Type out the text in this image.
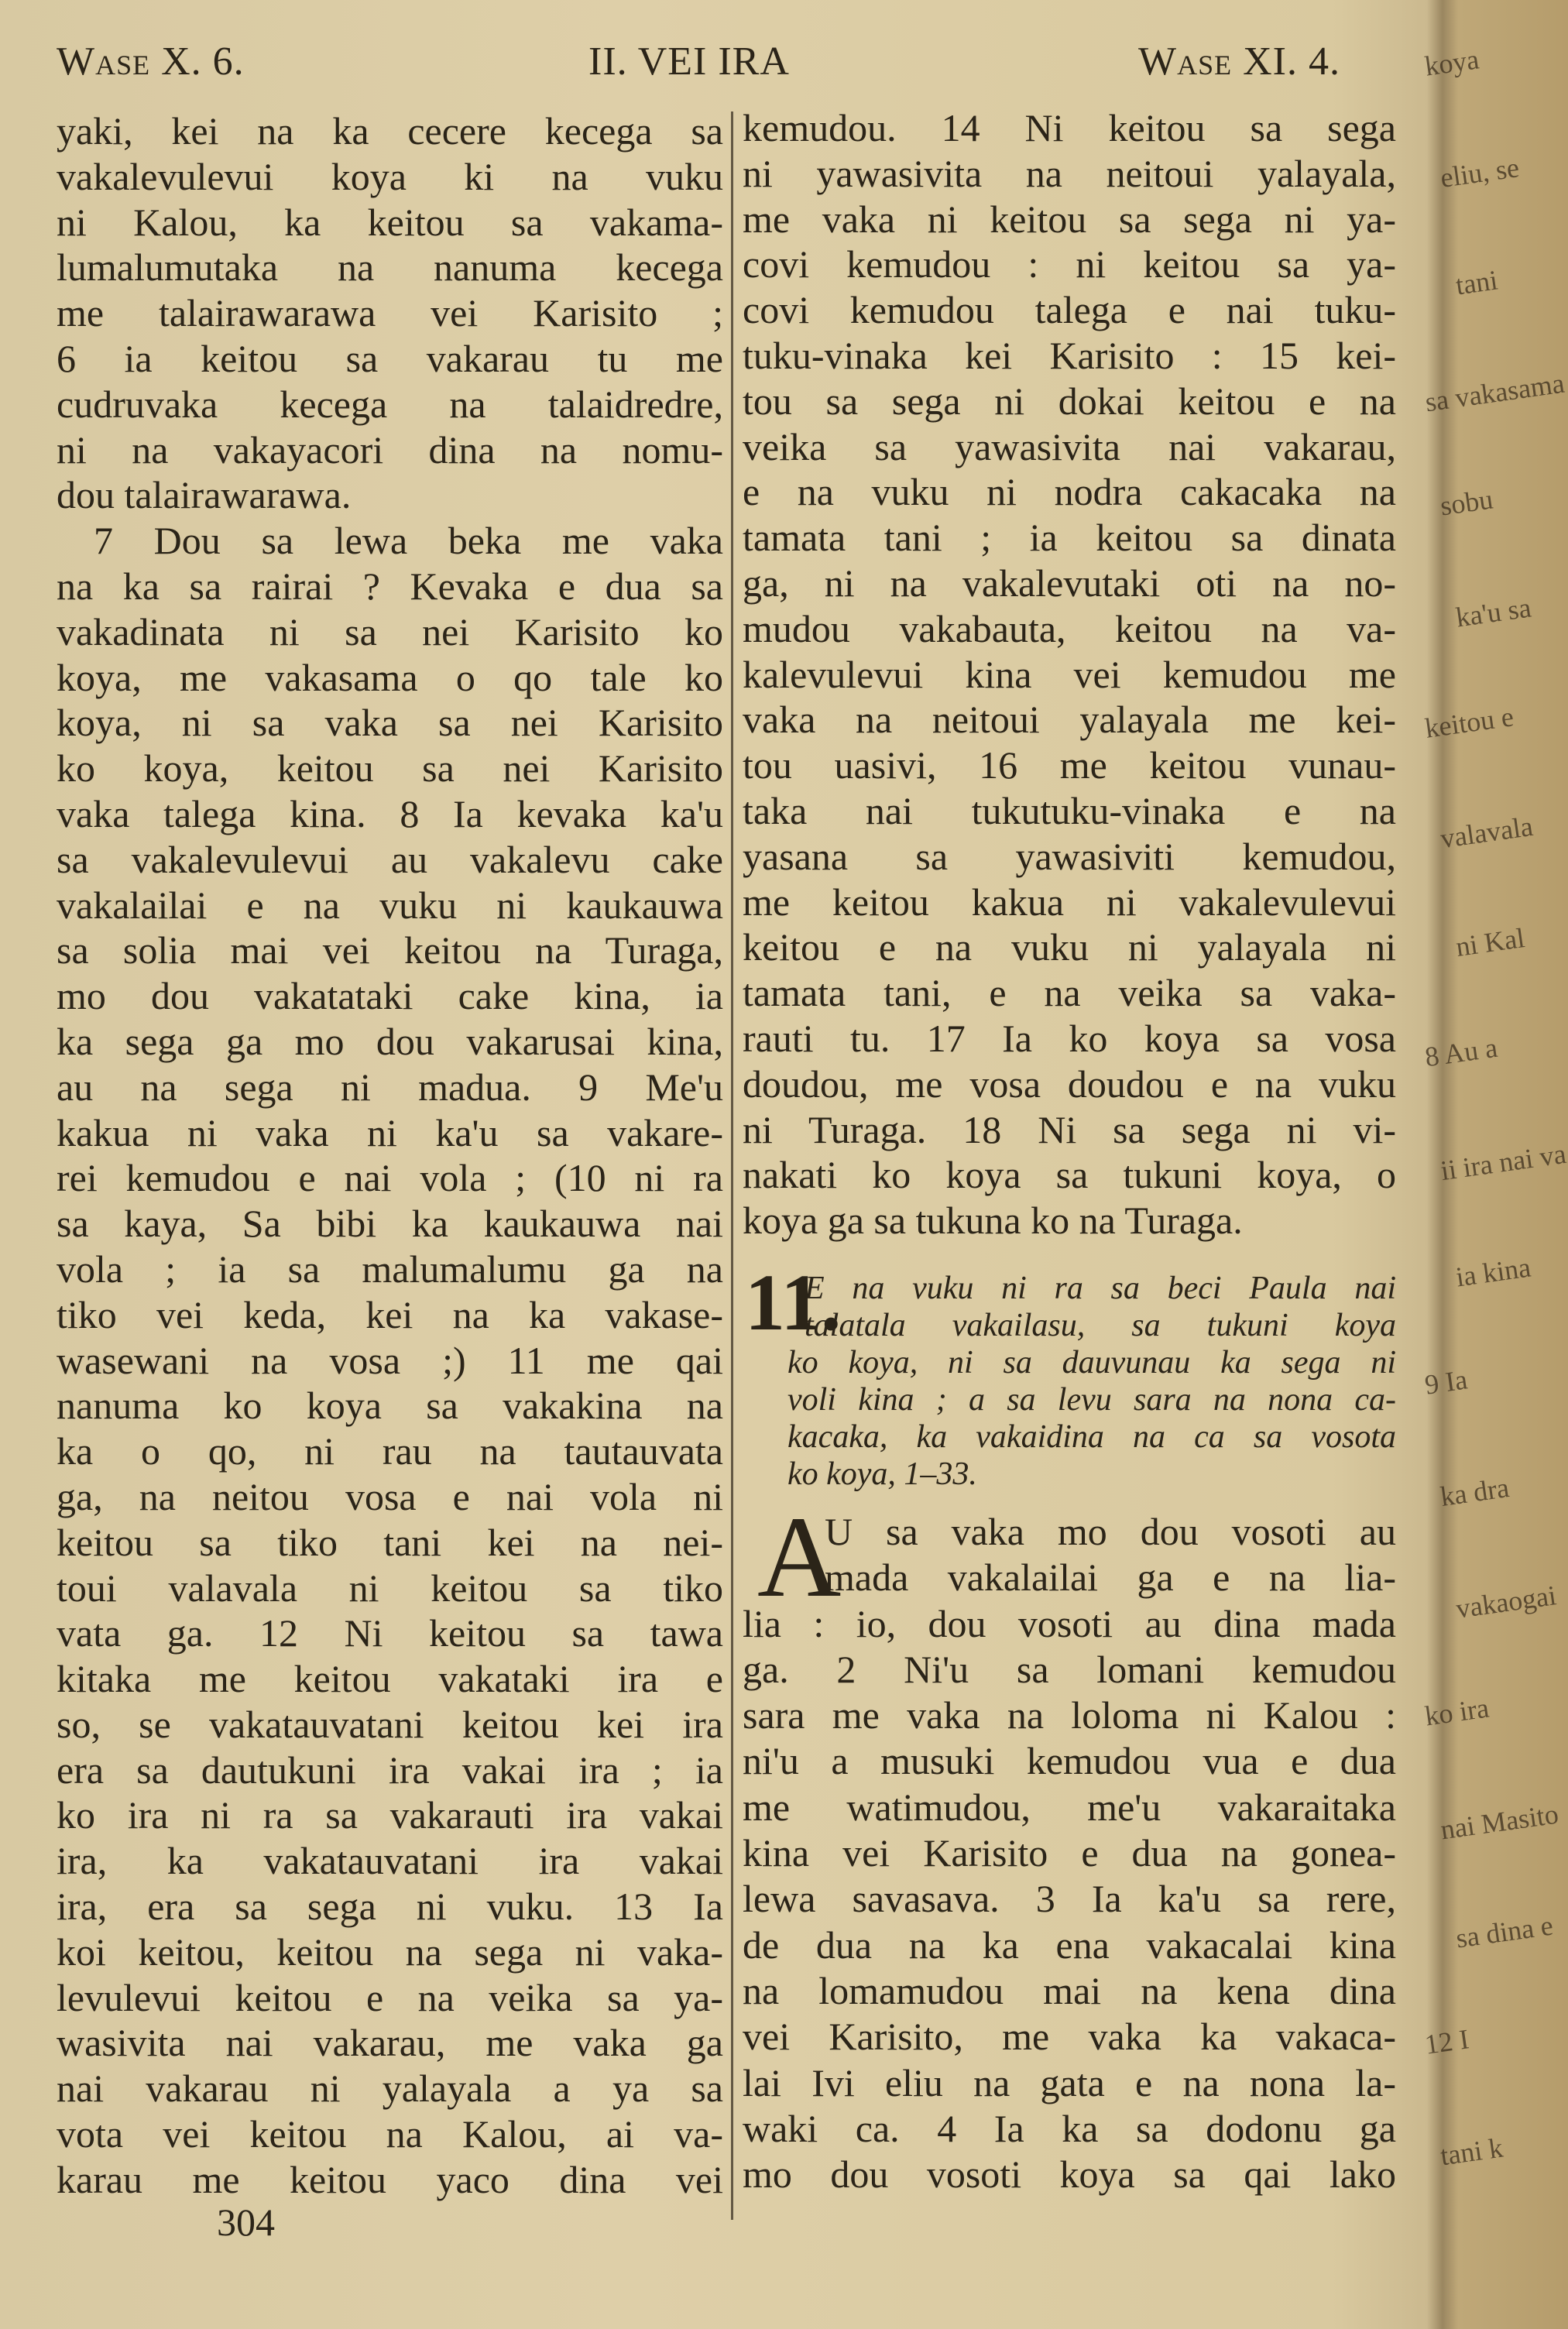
Wase X. 6.	II. VEI IRA	Wase XI. 4.
yaki, kei na ka cecere kecega sa
vakalevulevui koya ki na vuku
ni Kalou, ka keitou sa vakama-
lumalumutaka na nanuma kecega
me talairawarawa vei Karisito ;
6 ia keitou sa vakarau tu me
cudruvaka kecega na talaidredre,
ni na vakayacori dina na nomu-
dou talairawarawa.
7 Dou sa lewa beka me vaka
na ka sa rairai ? Kevaka e dua sa
vakadinata ni sa nei Karisito ko
koya, me vakasama o qo tale ko
koya, ni sa vaka sa nei Karisito
ko koya, keitou sa nei Karisito
vaka talega kina. 8 Ia kevaka ka'u
sa vakalevulevui au vakalevu cake
vakalailai e na vuku ni kaukauwa
sa solia mai vei keitou na Turaga,
mo dou vakatataki cake kina, ia
ka sega ga mo dou vakarusai kina,
au na sega ni madua. 9 Me'u
kakua ni vaka ni ka'u sa vakare-
rei kemudou e nai vola ; (10 ni ra
sa kaya, Sa bibi ka kaukauwa nai
vola ; ia sa malumalumu ga na
tiko vei keda, kei na ka vakase-
wasewani na vosa ;) 11 me qai
nanuma ko koya sa vakakina na
ka o qo, ni rau na tautauvata
ga, na neitou vosa e nai vola ni
keitou sa tiko tani kei na nei-
toui valavala ni keitou sa tiko
vata ga. 12 Ni keitou sa tawa
kitaka me keitou vakataki ira e
so, se vakatauvatani keitou kei ira
era sa dautukuni ira vakai ira ; ia
ko ira ni ra sa vakarauti ira vakai
ira, ka vakatauvatani ira vakai
ira, era sa sega ni vuku. 13 Ia
koi keitou, keitou na sega ni vaka-
levulevui keitou e na veika sa ya-
wasivita nai vakarau, me vaka ga
nai vakarau ni yalayala a ya sa
vota vei keitou na Kalou, ai va-
karau me keitou yaco dina vei
kemudou. 14 Ni keitou sa sega
ni yawasivita na neitoui yalayala,
me vaka ni keitou sa sega ni ya-
covi kemudou : ni keitou sa ya-
covi kemudou talega e nai tuku-
tuku-vinaka kei Karisito : 15 kei-
tou sa sega ni dokai keitou e na
veika sa yawasivita nai vakarau,
e na vuku ni nodra cakacaka na
tamata tani ; ia keitou sa dinata
ga, ni na vakalevutaki oti na no-
mudou vakabauta, keitou na va-
kalevulevui kina vei kemudou me
vaka na neitoui yalayala me kei-
tou uasivi, 16 me keitou vunau-
taka nai tukutuku-vinaka e na
yasana sa yawasiviti kemudou,
me keitou kakua ni vakalevulevui
keitou e na vuku ni yalayala ni
tamata tani, e na veika sa vaka-
rauti tu. 17 Ia ko koya sa vosa
doudou, me vosa doudou e na vuku
ni Turaga. 18 Ni sa sega ni vi-
nakati ko koya sa tukuni koya, o
koya ga sa tukuna ko na Turaga.
11.
E na vuku ni ra sa beci Paula nai
talatala vakailasu, sa tukuni koya
ko koya, ni sa dauvunau ka sega ni
voli kina ; a sa levu sara na nona ca-
kacaka, ka vakaidina na ca sa vosota
ko koya, 1–33.
A
U sa vaka mo dou vosoti au
mada vakalailai ga e na lia-
lia : io, dou vosoti au dina mada
ga. 2 Ni'u sa lomani kemudou
sara me vaka na loloma ni Kalou :
ni'u a musuki kemudou vua e dua
me watimudou, me'u vakaraitaka
kina vei Karisito e dua na gonea-
lewa savasava. 3 Ia ka'u sa rere,
de dua na ka ena vakacalai kina
na lomamudou mai na kena dina
vei Karisito, me vaka ka vakaca-
lai Ivi eliu na gata e na nona la-
waki ca. 4 Ia ka sa dodonu ga
mo dou vosoti koya sa qai lako
304
koya
eliu, se
tani
sa vakasama
sobu
ka'u sa
keitou e
valavala
ni Kal
8 Au a
ii ira nai va
ia kina
9 Ia
ka dra
vakaogai
ko ira
nai Masito
sa dina e
12 I
tani k
